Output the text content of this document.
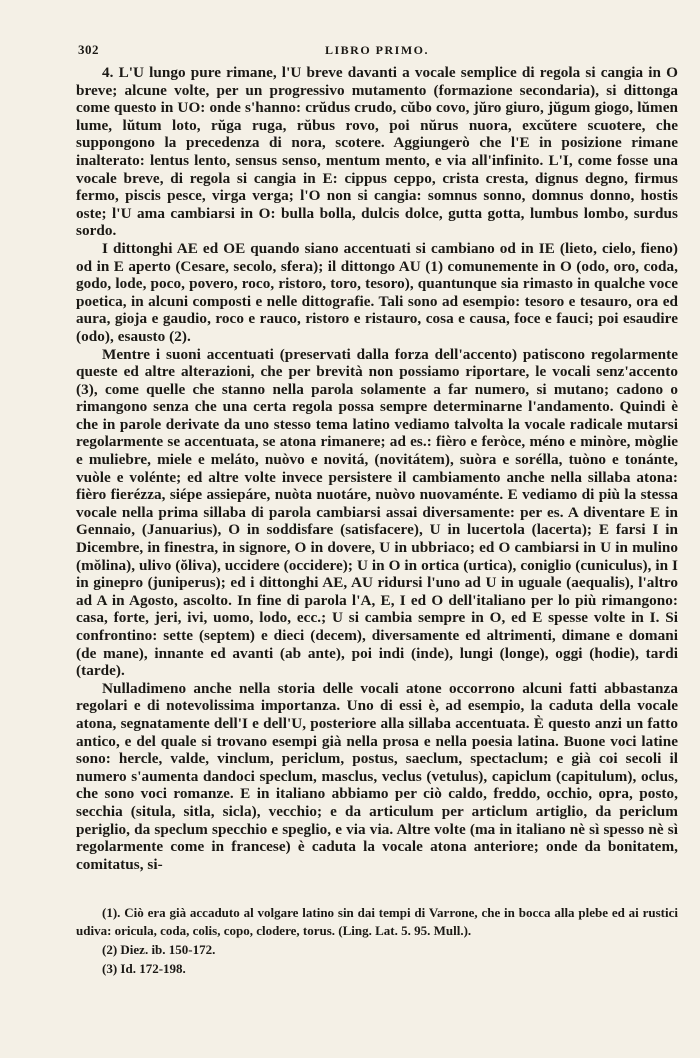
302	LIBRO PRIMO.

4. L'U lungo pure rimane, l'U breve davanti a vocale semplice di regola si cangia in O breve; alcune volte, per un progressivo mutamento (formazione secondaria), si dittonga come questo in UO: onde s'hanno: crŭdus crudo, cŭbo covo, jŭro giuro, jŭgum giogo, lŭmen lume, lŭtum loto, rŭga ruga, rŭbus rovo, poi nŭrus nuora, excŭtere scuotere, che suppongono la precedenza di nora, scotere. Aggiungerò che l'E in posizione rimane inalterato: lentus lento, sensus senso, mentum mento, e via all'infinito. L'I, come fosse una vocale breve, di regola si cangia in E: cippus ceppo, crista cresta, dignus degno, firmus fermo, piscis pesce, virga verga; l'O non si cangia: somnus sonno, domnus donno, hostis oste; l'U ama cambiarsi in O: bulla bolla, dulcis dolce, gutta gotta, lumbus lombo, surdus sordo.

I dittonghi AE ed OE quando siano accentuati si cambiano od in IE (lieto, cielo, fieno) od in E aperto (Cesare, secolo, sfera); il dittongo AU (1) comunemente in O (odo, oro, coda, godo, lode, poco, povero, roco, ristoro, toro, tesoro), quantunque sia rimasto in qualche voce poetica, in alcuni composti e nelle dittografie. Tali sono ad esempio: tesoro e tesauro, ora ed aura, gioja e gaudio, roco e rauco, ristoro e ristauro, cosa e causa, foce e fauci; poi esaudire (odo), esausto (2).

Mentre i suoni accentuati (preservati dalla forza dell'accento) patiscono regolarmente queste ed altre alterazioni, che per brevità non possiamo riportare, le vocali senz'accento (3), come quelle che stanno nella parola solamente a far numero, si mutano; cadono o rimangono senza che una certa regola possa sempre determinarne l'andamento. Quindi è che in parole derivate da uno stesso tema latino vediamo talvolta la vocale radicale mutarsi regolarmente se accentuata, se atona rimanere; ad es.: fièro e feròce, méno e minòre, mòglie e muliebre, miele e meláto, nuòvo e novitá, (novitátem), suòra e sorélla, tuòno e tonánte, vuòle e volénte; ed altre volte invece persistere il cambiamento anche nella sillaba atona: fièro fierézza, siépe assiepáre, nuòta nuotáre, nuòvo nuovaménte. E vediamo di più la stessa vocale nella prima sillaba di parola cambiarsi assai diversamente: per es. A diventare E in Gennaio, (Januarius), O in soddisfare (satisfacere), U in lucertola (lacerta); E farsi I in Dicembre, in finestra, in signore, O in dovere, U in ubbriaco; ed O cambiarsi in U in mulino (mŏlina), ulivo (ŏliva), uccidere (occidere); U in O in ortica (urtica), coniglio (cuniculus), in I in ginepro (juniperus); ed i dittonghi AE, AU ridursi l'uno ad U in uguale (aequalis), l'altro ad A in Agosto, ascolto. In fine di parola l'A, E, I ed O dell'italiano per lo più rimangono: casa, forte, jeri, ivi, uomo, lodo, ecc.; U si cambia sempre in O, ed E spesse volte in I. Si confrontino: sette (septem) e dieci (decem), diversamente ed altrimenti, dimane e domani (de mane), innante ed avanti (ab ante), poi indi (inde), lungi (longe), oggi (hodie), tardi (tarde).

Nulladimeno anche nella storia delle vocali atone occorrono alcuni fatti abbastanza regolari e di notevolissima importanza. Uno di essi è, ad esempio, la caduta della vocale atona, segnatamente dell'I e dell'U, posteriore alla sillaba accentuata. È questo anzi un fatto antico, e del quale si trovano esempi già nella prosa e nella poesia latina. Buone voci latine sono: hercle, valde, vinclum, periclum, postus, saeclum, spectaclum; e già coi secoli il numero s'aumenta dandoci speclum, masclus, veclus (vetulus), capiclum (capitulum), oclus, che sono voci romanze. E in italiano abbiamo per ciò caldo, freddo, occhio, opra, posto, secchia (situla, sitla, sicla), vecchio; e da articulum per articlum artiglio, da periclum periglio, da speclum specchio e speglio, e via via. Altre volte (ma in italiano nè sì spesso nè sì regolarmente come in francese) è caduta la vocale atona anteriore; onde da bonitatem, comitatus, si-

(1). Ciò era già accaduto al volgare latino sin dai tempi di Varrone, che in bocca alla plebe ed ai rustici udiva: oricula, coda, colis, copo, clodere, torus. (Ling. Lat. 5. 95. Mull.).

(2) Diez. ib. 150-172.

(3) Id. 172-198.
